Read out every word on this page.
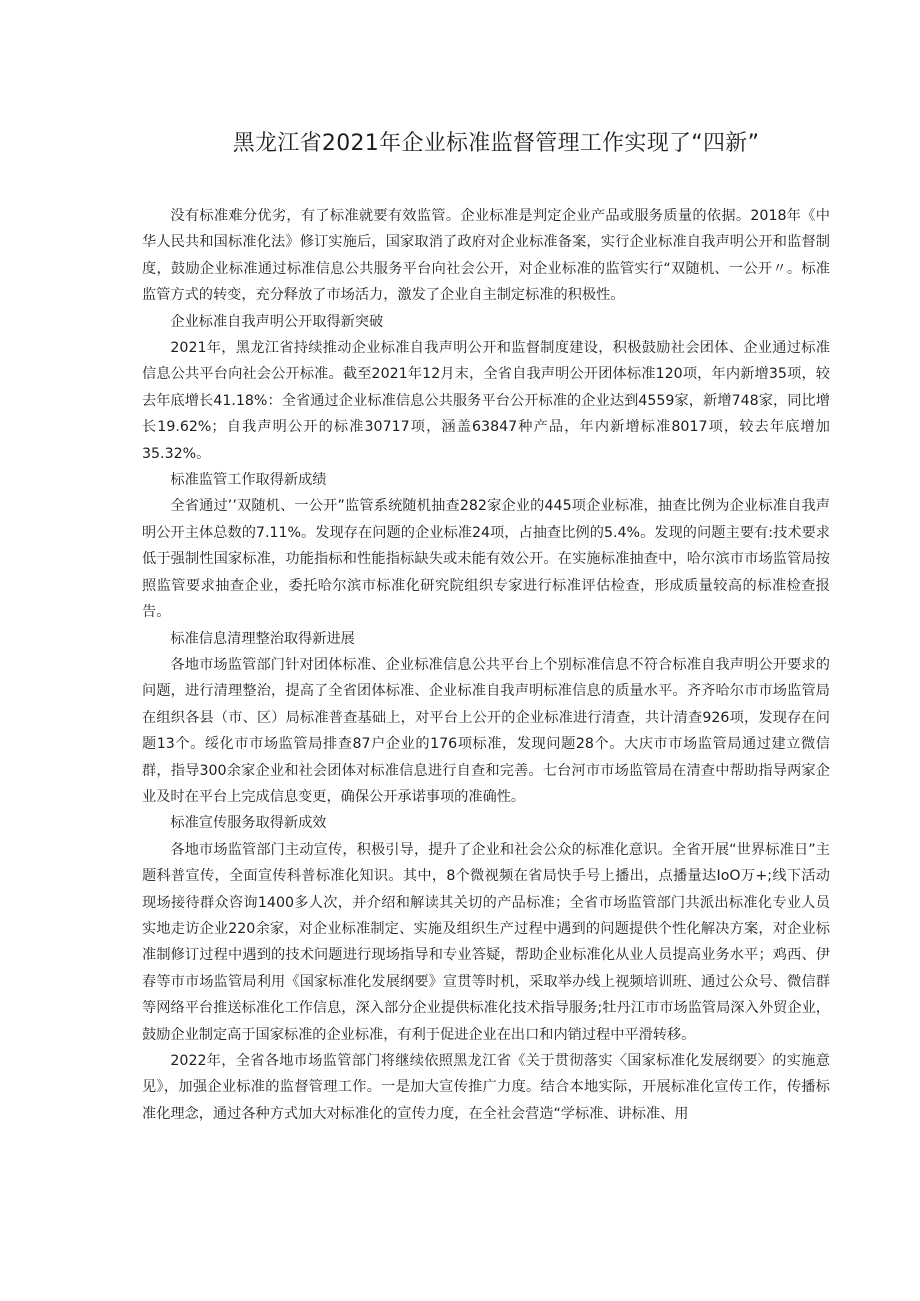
黑龙江省2021年企业标准监督管理工作实现了“四新”

没有标准难分优劣，有了标准就要有效监管。企业标准是判定企业产品或服务质量的依据。2018年《中华人民共和国标准化法》修订实施后，国家取消了政府对企业标准备案，实行企业标准自我声明公开和监督制度，鼓励企业标准通过标准信息公共服务平台向社会公开，对企业标准的监管实行“双随机、一公开〃。标准监管方式的转变，充分释放了市场活力，激发了企业自主制定标准的积极性。

企业标准自我声明公开取得新突破

2021年，黑龙江省持续推动企业标准自我声明公开和监督制度建设，积极鼓励社会团体、企业通过标准信息公共平台向社会公开标准。截至2021年12月末，全省自我声明公开团体标准120项，年内新增35项，较去年底增长41.18%：全省通过企业标准信息公共服务平台公开标准的企业达到4559家，新增748家，同比增长19.62%；自我声明公开的标准30717项，涵盖63847种产品，年内新增标准8017项，较去年底增加35.32%。

标准监管工作取得新成绩

全省通过’’双随机、一公开”监管系统随机抽查282家企业的445项企业标准，抽查比例为企业标准自我声明公开主体总数的7.11%。发现存在问题的企业标准24项，占抽查比例的5.4%。发现的问题主要有:技术要求低于强制性国家标准，功能指标和性能指标缺失或未能有效公开。在实施标准抽查中，哈尔滨市市场监管局按照监管要求抽查企业，委托哈尔滨市标准化研究院组织专家进行标准评估检查，形成质量较高的标准检查报告。

标准信息清理整治取得新进展

各地市场监管部门针对团体标准、企业标准信息公共平台上个别标准信息不符合标准自我声明公开要求的问题，进行清理整治，提高了全省团体标准、企业标准自我声明标准信息的质量水平。齐齐哈尔市市场监管局在组织各县（市、区）局标准普查基础上，对平台上公开的企业标准进行清查，共计清查926项，发现存在问题13个。绥化市市场监管局排查87户企业的176项标准，发现问题28个。大庆市市场监管局通过建立微信群，指导300余家企业和社会团体对标准信息进行自查和完善。七台河市市场监管局在清查中帮助指导两家企业及时在平台上完成信息变更，确保公开承诺事项的准确性。

标准宣传服务取得新成效

各地市场监管部门主动宣传，积极引导，提升了企业和社会公众的标准化意识。全省开展“世界标准日”主题科普宣传，全面宣传科普标准化知识。其中，8个微视频在省局快手号上播出，点播量达IoO万+;线下活动现场接待群众咨询1400多人次，并介绍和解读其关切的产品标准；全省市场监管部门共派出标准化专业人员实地走访企业220余家，对企业标准制定、实施及组织生产过程中遇到的问题提供个性化解决方案，对企业标准制修订过程中遇到的技术问题进行现场指导和专业答疑，帮助企业标准化从业人员提高业务水平；鸡西、伊春等市市场监管局利用《国家标准化发展纲要》宣贯等时机，采取举办线上视频培训班、通过公众号、微信群等网络平台推送标准化工作信息，深入部分企业提供标准化技术指导服务;牡丹江市市场监管局深入外贸企业，鼓励企业制定高于国家标准的企业标准，有利于促进企业在出口和内销过程中平滑转移。

2022年，全省各地市场监管部门将继续依照黑龙江省《关于贯彻落实〈国家标准化发展纲要〉的实施意见》，加强企业标准的监督管理工作。一是加大宣传推广力度。结合本地实际，开展标准化宣传工作，传播标准化理念，通过各种方式加大对标准化的宣传力度，在全社会营造“学标准、讲标准、用
